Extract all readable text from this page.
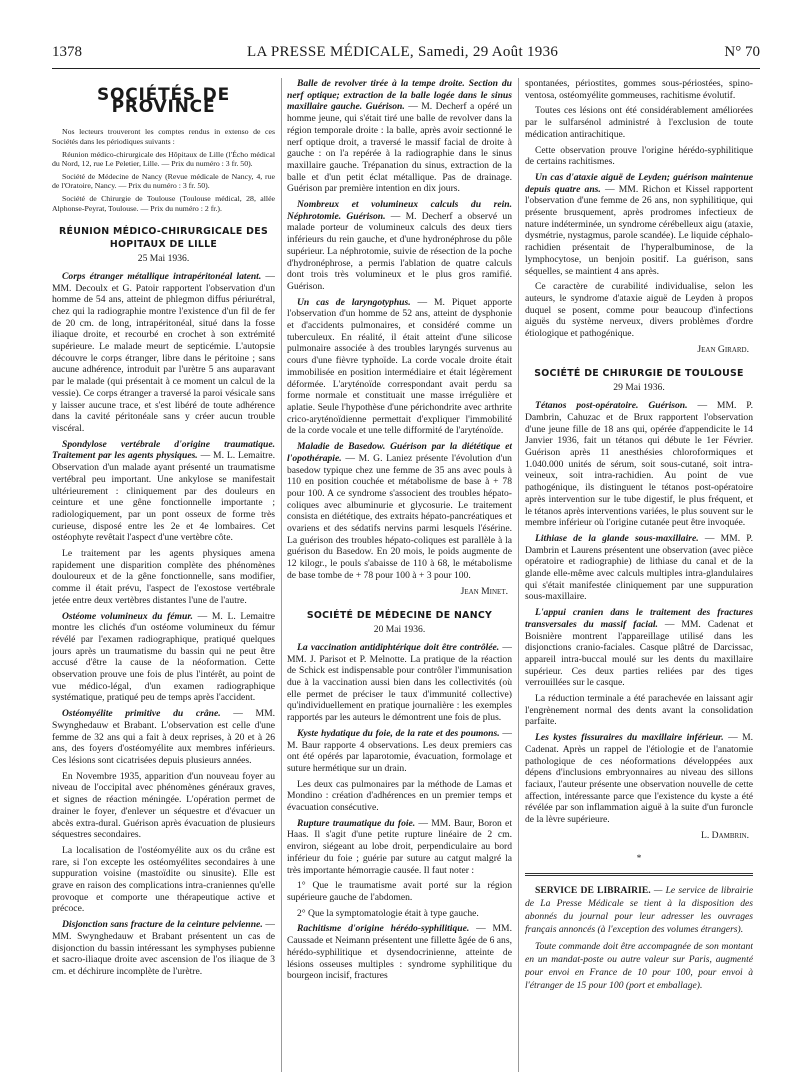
1378	LA PRESSE MÉDICALE, Samedi, 29 Août 1936	N° 70
SOCIÉTÉS DE PROVINCE

Nos lecteurs trouveront les comptes rendus in extenso de ces Sociétés dans les périodiques suivants :

Réunion médico-chirurgicale des Hôpitaux de Lille (l'Écho médical du Nord, 12, rue Le Peletier, Lille. — Prix du numéro : 3 fr. 50).

Société de Médecine de Nancy (Revue médicale de Nancy, 4, rue de l'Oratoire, Nancy. — Prix du numéro : 3 fr. 50).

Société de Chirurgie de Toulouse (Toulouse médical, 28, allée Alphonse-Peyrat, Toulouse. — Prix du numéro : 2 fr.).

RÉUNION MÉDICO-CHIRURGICALE DES HOPITAUX DE LILLE

25 Mai 1936.

Corps étranger métallique intrapéritonéal latent. — MM. Decoulx et G. Patoir rapportent l'observation d'un homme de 54 ans, atteint de phlegmon diffus périurétral, chez qui la radiographie montre l'existence d'un fil de fer de 20 cm. de long, intrapéritonéal, situé dans la fosse iliaque droite, et recourbé en crochet à son extrémité supérieure. Le malade meurt de septicémie. L'autopsie découvre le corps étranger, libre dans le péritoine ; sans aucune adhérence, introduit par l'urètre 5 ans auparavant par le malade (qui présentait à ce moment un calcul de la vessie). Ce corps étranger a traversé la paroi vésicale sans y laisser aucune trace, et s'est libéré de toute adhérence dans la cavité péritonéale sans y créer aucun trouble viscéral.

Spondylose vertébrale d'origine traumatique. Traitement par les agents physiques. — M. L. Lemaitre. Observation d'un malade ayant présenté un traumatisme vertébral peu important. Une ankylose se manifestait ultérieurement : cliniquement par des douleurs en ceinture et une gêne fonctionnelle importante ; radiologiquement, par un pont osseux de forme très curieuse, disposé entre les 2e et 4e lombaires. Cet ostéophyte revêtait l'aspect d'une vertèbre côte.

Le traitement par les agents physiques amena rapidement une disparition complète des phénomènes douloureux et de la gêne fonctionnelle, sans modifier, comme il était prévu, l'aspect de l'exostose vertébrale jetée entre deux vertèbres distantes l'une de l'autre.

Ostéome volumineux du fémur. — M. L. Lemaitre montre les clichés d'un ostéome volumineux du fémur révélé par l'examen radiographique, pratiqué quelques jours après un traumatisme du bassin qui ne peut être accusé d'être la cause de la néoformation. Cette observation prouve une fois de plus l'intérêt, au point de vue médico-légal, d'un examen radiographique systématique, pratiqué peu de temps après l'accident.

Ostéomyélite primitive du crâne. — MM. Swynghedauw et Brabant. L'observation est celle d'une femme de 32 ans qui a fait à deux reprises, à 20 et à 26 ans, des foyers d'ostéomyélite aux membres inférieurs. Ces lésions sont cicatrisées depuis plusieurs années.

En Novembre 1935, apparition d'un nouveau foyer au niveau de l'occipital avec phénomènes généraux graves, et signes de réaction méningée. L'opération permet de drainer le foyer, d'enlever un séquestre et d'évacuer un abcès extra-dural. Guérison après évacuation de plusieurs séquestres secondaires.

La localisation de l'ostéomyélite aux os du crâne est rare, si l'on excepte les ostéomyélites secondaires à une suppuration voisine (mastoïdite ou sinusite). Elle est grave en raison des complications intra-craniennes qu'elle provoque et comporte une thérapeutique active et précoce.

Disjonction sans fracture de la ceinture pelvienne. — MM. Swynghedauw et Brabant présentent un cas de disjonction du bassin intéressant les symphyses pubienne et sacro-iliaque droite avec ascension de l'os iliaque de 3 cm. et déchirure incomplète de l'urètre.

Balle de revolver tirée à la tempe droite. Section du nerf optique; extraction de la balle logée dans le sinus maxillaire gauche. Guérison. — M. Decherf a opéré un homme jeune, qui s'était tiré une balle de revolver dans la région temporale droite : la balle, après avoir sectionné le nerf optique droit, a traversé le massif facial de droite à gauche : on l'a repérée à la radiographie dans le sinus maxillaire gauche. Trépanation du sinus, extraction de la balle et d'un petit éclat métallique. Pas de drainage. Guérison par première intention en dix jours.

Nombreux et volumineux calculs du rein. Néphrotomie. Guérison. — M. Decherf a observé un malade porteur de volumineux calculs des deux tiers inférieurs du rein gauche, et d'une hydronéphrose du pôle supérieur. La néphrotomie, suivie de résection de la poche d'hydronéphrose, a permis l'ablation de quatre calculs dont trois très volumineux et le plus gros ramifié. Guérison.

Un cas de laryngotyphus. — M. Piquet apporte l'observation d'un homme de 52 ans, atteint de dysphonie et d'accidents pulmonaires, et considéré comme un tuberculeux. En réalité, il était atteint d'une silicose pulmonaire associée à des troubles laryngés survenus au cours d'une fièvre typhoïde. La corde vocale droite était immobilisée en position intermédiaire et était légèrement déformée. L'aryténoïde correspondant avait perdu sa forme normale et constituait une masse irrégulière et aplatie. Seule l'hypothèse d'une périchondrite avec arthrite crico-aryténoïdienne permettait d'expliquer l'immobilité de la corde vocale et une telle difformité de l'aryténoïde.

Maladie de Basedow. Guérison par la diététique et l'opothérapie. — M. G. Laniez présente l'évolution d'un basedow typique chez une femme de 35 ans avec pouls à 110 en position couchée et métabolisme de base à + 78 pour 100. A ce syndrome s'associent des troubles hépato-coliques avec albuminurie et glycosurie. Le traitement consista en diététique, des extraits hépato-pancréatiques et ovariens et des sédatifs nervins parmi lesquels l'ésérine. La guérison des troubles hépato-coliques est parallèle à la guérison du Basedow. En 20 mois, le poids augmente de 12 kilogr., le pouls s'abaisse de 110 à 68, le métabolisme de base tombe de + 78 pour 100 à + 3 pour 100.

Jean Minet.

SOCIÉTÉ DE MÉDECINE DE NANCY

20 Mai 1936.

La vaccination antidiphtérique doit être contrôlée. — MM. J. Parisot et P. Melnotte. La pratique de la réaction de Schick est indispensable pour contrôler l'immunisation due à la vaccination aussi bien dans les collectivités (où elle permet de préciser le taux d'immunité collective) qu'individuellement en pratique journalière : les exemples rapportés par les auteurs le démontrent une fois de plus.

Kyste hydatique du foie, de la rate et des poumons. — M. Baur rapporte 4 observations. Les deux premiers cas ont été opérés par laparotomie, évacuation, formolage et suture hermétique sur un drain.

Les deux cas pulmonaires par la méthode de Lamas et Mondino : création d'adhérences en un premier temps et évacuation consécutive.

Rupture traumatique du foie. — MM. Baur, Boron et Haas. Il s'agit d'une petite rupture linéaire de 2 cm. environ, siégeant au lobe droit, perpendiculaire au bord inférieur du foie ; guérie par suture au catgut malgré la très importante hémorragie causée. Il faut noter :

1° Que le traumatisme avait porté sur la région supérieure gauche de l'abdomen.

2° Que la symptomatologie était à type gauche.

Rachitisme d'origine hérédo-syphilitique. — MM. Caussade et Neimann présentent une fillette âgée de 6 ans, hérédo-syphilitique et dysendocrinienne, atteinte de lésions osseuses multiples : syndrome syphilitique du bourgeon incisif, fractures

spontanées, périostites, gommes sous-périostées, spino-ventosa, ostéomyélite gommeuses, rachitisme évolutif.

Toutes ces lésions ont été considérablement améliorées par le sulfarsénol administré à l'exclusion de toute médication antirachitique.

Cette observation prouve l'origine hérédo-syphilitique de certains rachitismes.

Un cas d'ataxie aiguë de Leyden; guérison maintenue depuis quatre ans. — MM. Richon et Kissel rapportent l'observation d'une femme de 26 ans, non syphilitique, qui présente brusquement, après prodromes infectieux de nature indéterminée, un syndrome cérébelleux aigu (ataxie, dysmétrie, nystagmus, parole scandée). Le liquide céphalo-rachidien présentait de l'hyperalbuminose, de la lymphocytose, un benjoin positif. La guérison, sans séquelles, se maintient 4 ans après.

Ce caractère de curabilité individualise, selon les auteurs, le syndrome d'ataxie aiguë de Leyden à propos duquel se posent, comme pour beaucoup d'infections aiguës du système nerveux, divers problèmes d'ordre étiologique et pathogénique.

Jean Girard.

SOCIÉTÉ DE CHIRURGIE DE TOULOUSE

29 Mai 1936.

Tétanos post-opératoire. Guérison. — MM. P. Dambrin, Cahuzac et de Brux rapportent l'observation d'une jeune fille de 18 ans qui, opérée d'appendicite le 14 Janvier 1936, fait un tétanos qui débute le 1er Février. Guérison après 11 anesthésies chloroformiques et 1.040.000 unités de sérum, soit sous-cutané, soit intra-veineux, soit intra-rachidien. Au point de vue pathogénique, ils distinguent le tétanos post-opératoire après intervention sur le tube digestif, le plus fréquent, et le tétanos après interventions variées, le plus souvent sur le membre inférieur où l'origine cutanée peut être invoquée.

Lithiase de la glande sous-maxillaire. — MM. P. Dambrin et Laurens présentent une observation (avec pièce opératoire et radiographie) de lithiase du canal et de la glande elle-même avec calculs multiples intra-glandulaires qui s'était manifestée cliniquement par une suppuration sous-maxillaire.

L'appui cranien dans le traitement des fractures transversales du massif facial. — MM. Cadenat et Boisnière montrent l'appareillage utilisé dans les disjonctions cranio-faciales. Casque plâtré de Darcissac, appareil intra-buccal moulé sur les dents du maxillaire supérieur. Ces deux parties reliées par des tiges verrouillées sur le casque.

La réduction terminale a été parachevée en laissant agir l'engrènement normal des dents avant la consolidation parfaite.

Les kystes fissuraires du maxillaire inférieur. — M. Cadenat. Après un rappel de l'étiologie et de l'anatomie pathologique de ces néoformations développées aux dépens d'inclusions embryonnaires au niveau des sillons faciaux, l'auteur présente une observation nouvelle de cette affection, intéressante parce que l'existence du kyste a été révélée par son inflammation aiguë à la suite d'un furoncle de la lèvre supérieure.

L. Dambrin.

*

SERVICE DE LIBRAIRIE. — Le service de librairie de La Presse Médicale se tient à la disposition des abonnés du journal pour leur adresser les ouvrages français annoncés (à l'exception des volumes étrangers).

Toute commande doit être accompagnée de son montant en un mandat-poste ou autre valeur sur Paris, augmenté pour envoi en France de 10 pour 100, pour envoi à l'étranger de 15 pour 100 (port et emballage).
